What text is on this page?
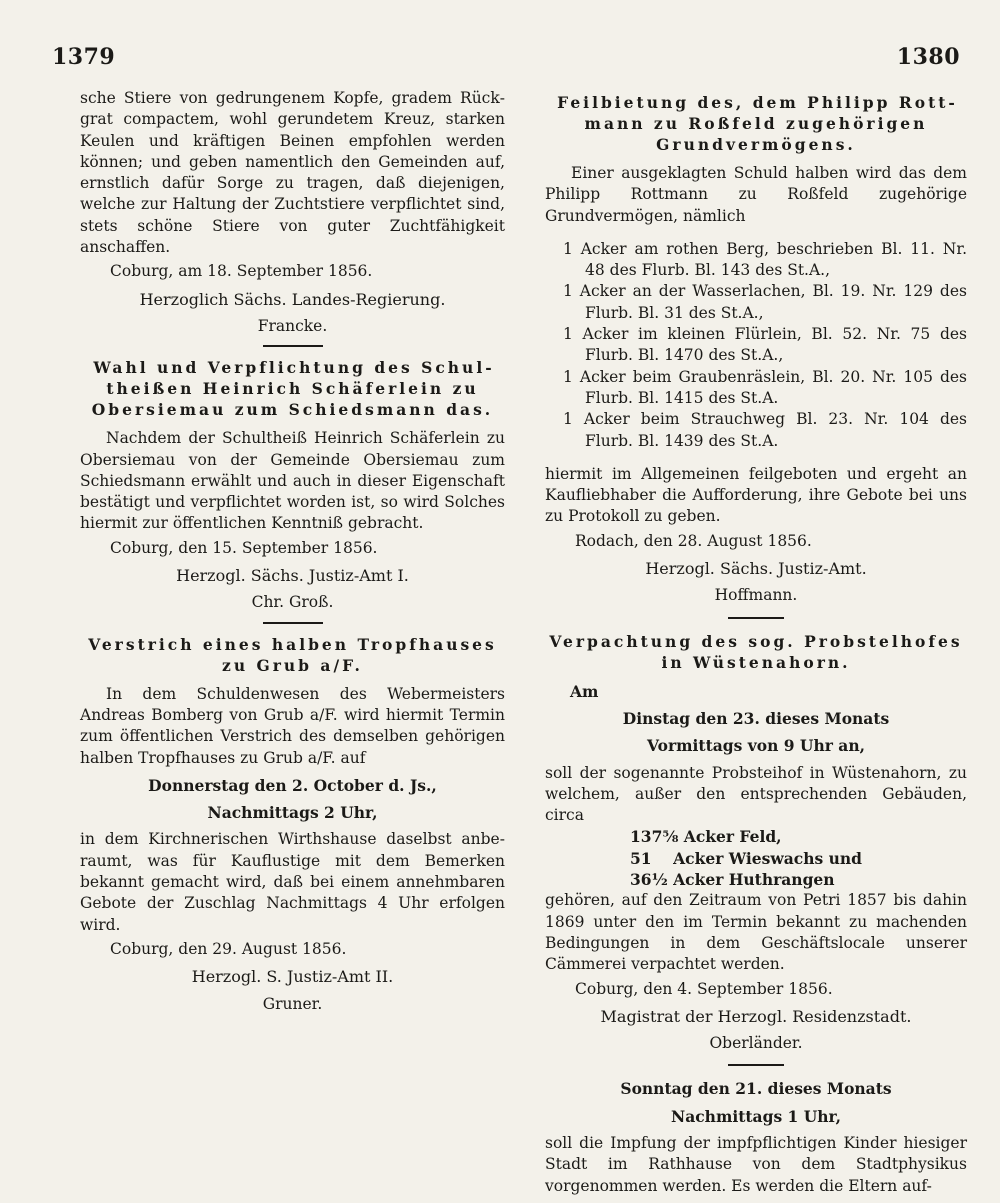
1379	1380

sche Stiere von gedrungenem Kopfe, gradem Rückgrat compactem, wohl gerundetem Kreuz, starken Keulen und kräftigen Beinen empfohlen werden können; und geben namentlich den Gemeinden auf, ernstlich dafür Sorge zu tragen, daß diejenigen, welche zur Haltung der Zuchtstiere verpflichtet sind, stets schöne Stiere von guter Zuchtfähigkeit anschaffen.

Coburg, am 18. September 1856.

Herzoglich Sächs. Landes-Regierung.

Francke.

Wahl und Verpflichtung des Schultheißen Heinrich Schäferlein zu Obersiemau zum Schiedsmann das.

Nachdem der Schultheiß Heinrich Schäferlein zu Obersiemau von der Gemeinde Obersiemau zum Schiedsmann erwählt und auch in dieser Eigenschaft bestätigt und verpflichtet worden ist, so wird Solches hiermit zur öffentlichen Kenntniß gebracht.

Coburg, den 15. September 1856.

Herzogl. Sächs. Justiz-Amt I.

Chr. Groß.

Verstrich eines halben Tropfhauses zu Grub a/F.

In dem Schuldenwesen des Webermeisters Andreas Bomberg von Grub a/F. wird hiermit Termin zum öffentlichen Verstrich des demselben gehörigen halben Tropfhauses zu Grub a/F. auf

Donnerstag den 2. October d. Js.,

Nachmittags 2 Uhr,

in dem Kirchnerischen Wirthshause daselbst anberaumt, was für Kauflustige mit dem Bemerken bekannt gemacht wird, daß bei einem annehmbaren Gebote der Zuschlag Nachmittags 4 Uhr erfolgen wird.

Coburg, den 29. August 1856.

Herzogl. S. Justiz-Amt II.

Gruner.

Feilbietung des, dem Philipp Rottmann zu Roßfeld zugehörigen Grundvermögens.

Einer ausgeklagten Schuld halben wird das dem Philipp Rottmann zu Roßfeld zugehörige Grundvermögen, nämlich

1 Acker am rothen Berg, beschrieben Bl. 11. Nr. 48 des Flurb. Bl. 143 des St.A.,

1 Acker an der Wasserlachen, Bl. 19. Nr. 129 des Flurb. Bl. 31 des St.A.,

1 Acker im kleinen Flürlein, Bl. 52. Nr. 75 des Flurb. Bl. 1470 des St.A.,

1 Acker beim Graubenräslein, Bl. 20. Nr. 105 des Flurb. Bl. 1415 des St.A.

1 Acker beim Strauchweg Bl. 23. Nr. 104 des Flurb. Bl. 1439 des St.A.

hiermit im Allgemeinen feilgeboten und ergeht an Kaufliebhaber die Aufforderung, ihre Gebote bei uns zu Protokoll zu geben.

Rodach, den 28. August 1856.

Herzogl. Sächs. Justiz-Amt.

Hoffmann.

Verpachtung des sog. Probstelhofes in Wüstenahorn.

Am

Dinstag den 23. dieses Monats

Vormittags von 9 Uhr an,

soll der sogenannte Probsteihof in Wüstenahorn, zu welchem, außer den entsprechenden Gebäuden, circa

137⅝ Acker Feld,

51    Acker Wieswachs und

36½ Acker Huthrangen

gehören, auf den Zeitraum von Petri 1857 bis dahin 1869 unter den im Termin bekannt zu machenden Bedingungen in dem Geschäftslocale unserer Cämmerei verpachtet werden.

Coburg, den 4. September 1856.

Magistrat der Herzogl. Residenzstadt.

Oberländer.

Sonntag den 21. dieses Monats

Nachmittags 1 Uhr,

soll die Impfung der impfpflichtigen Kinder hiesiger Stadt im Rathhause von dem Stadtphysikus vorgenommen werden. Es werden die Eltern auf-
